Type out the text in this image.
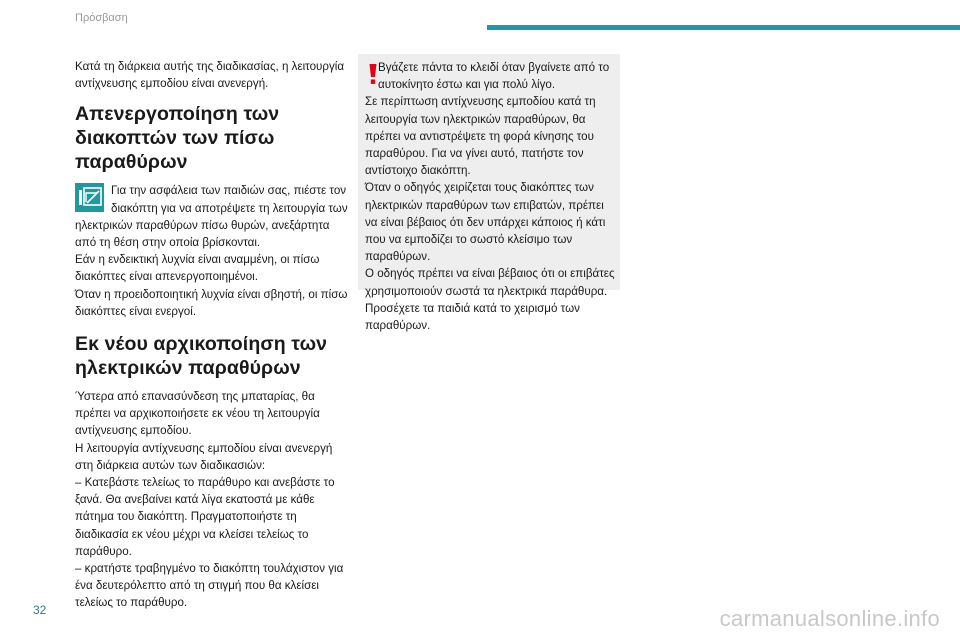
Πρόσβαση

Κατά τη διάρκεια αυτής της διαδικασίας, η λειτουργία αντίχνευσης εμποδίου είναι ανενεργή.

Απενεργοποίηση των
διακοπτών των πίσω
παραθύρων

Για την ασφάλεια των παιδιών σας, πιέστε τον διακόπτη για να αποτρέψετε τη λειτουργία των ηλεκτρικών παραθύρων πίσω θυρών, ανεξάρτητα από τη θέση στην οποία βρίσκονται.

Εάν η ενδεικτική λυχνία είναι αναμμένη, οι πίσω διακόπτες είναι απενεργοποιημένοι.

Όταν η προειδοποιητική λυχνία είναι σβηστή, οι πίσω διακόπτες είναι ενεργοί.

Εκ νέου αρχικοποίηση των
ηλεκτρικών παραθύρων

Ύστερα από επανασύνδεση της μπαταρίας, θα πρέπει να αρχικοποιήσετε εκ νέου τη λειτουργία αντίχνευσης εμποδίου.

Η λειτουργία αντίχνευσης εμποδίου είναι ανενεργή στη διάρκεια αυτών των διαδικασιών:

– Κατεβάστε τελείως το παράθυρο και ανεβάστε το ξανά. Θα ανεβαίνει κατά λίγα εκατοστά με κάθε πάτημα του διακόπτη. Πραγματοποιήστε τη διαδικασία εκ νέου μέχρι να κλείσει τελείως το παράθυρο.

– κρατήστε τραβηγμένο το διακόπτη τουλάχιστον για ένα δευτερόλεπτο από τη στιγμή που θα κλείσει τελείως το παράθυρο.

Βγάζετε πάντα το κλειδί όταν βγαίνετε από το αυτοκίνητο έστω και για πολύ λίγο.

Σε περίπτωση αντίχνευσης εμποδίου κατά τη λειτουργία των ηλεκτρικών παραθύρων, θα πρέπει να αντιστρέψετε τη φορά κίνησης του παραθύρου. Για να γίνει αυτό, πατήστε τον αντίστοιχο διακόπτη.

Όταν ο οδηγός χειρίζεται τους διακόπτες των ηλεκτρικών παραθύρων των επιβατών, πρέπει να είναι βέβαιος ότι δεν υπάρχει κάποιος ή κάτι που να εμποδίζει το σωστό κλείσιμο των παραθύρων.

Ο οδηγός πρέπει να είναι βέβαιος ότι οι επιβάτες χρησιμοποιούν σωστά τα ηλεκτρικά παράθυρα.

Προσέχετε τα παιδιά κατά το χειρισμό των παραθύρων.

32	carmanualsonline.info
